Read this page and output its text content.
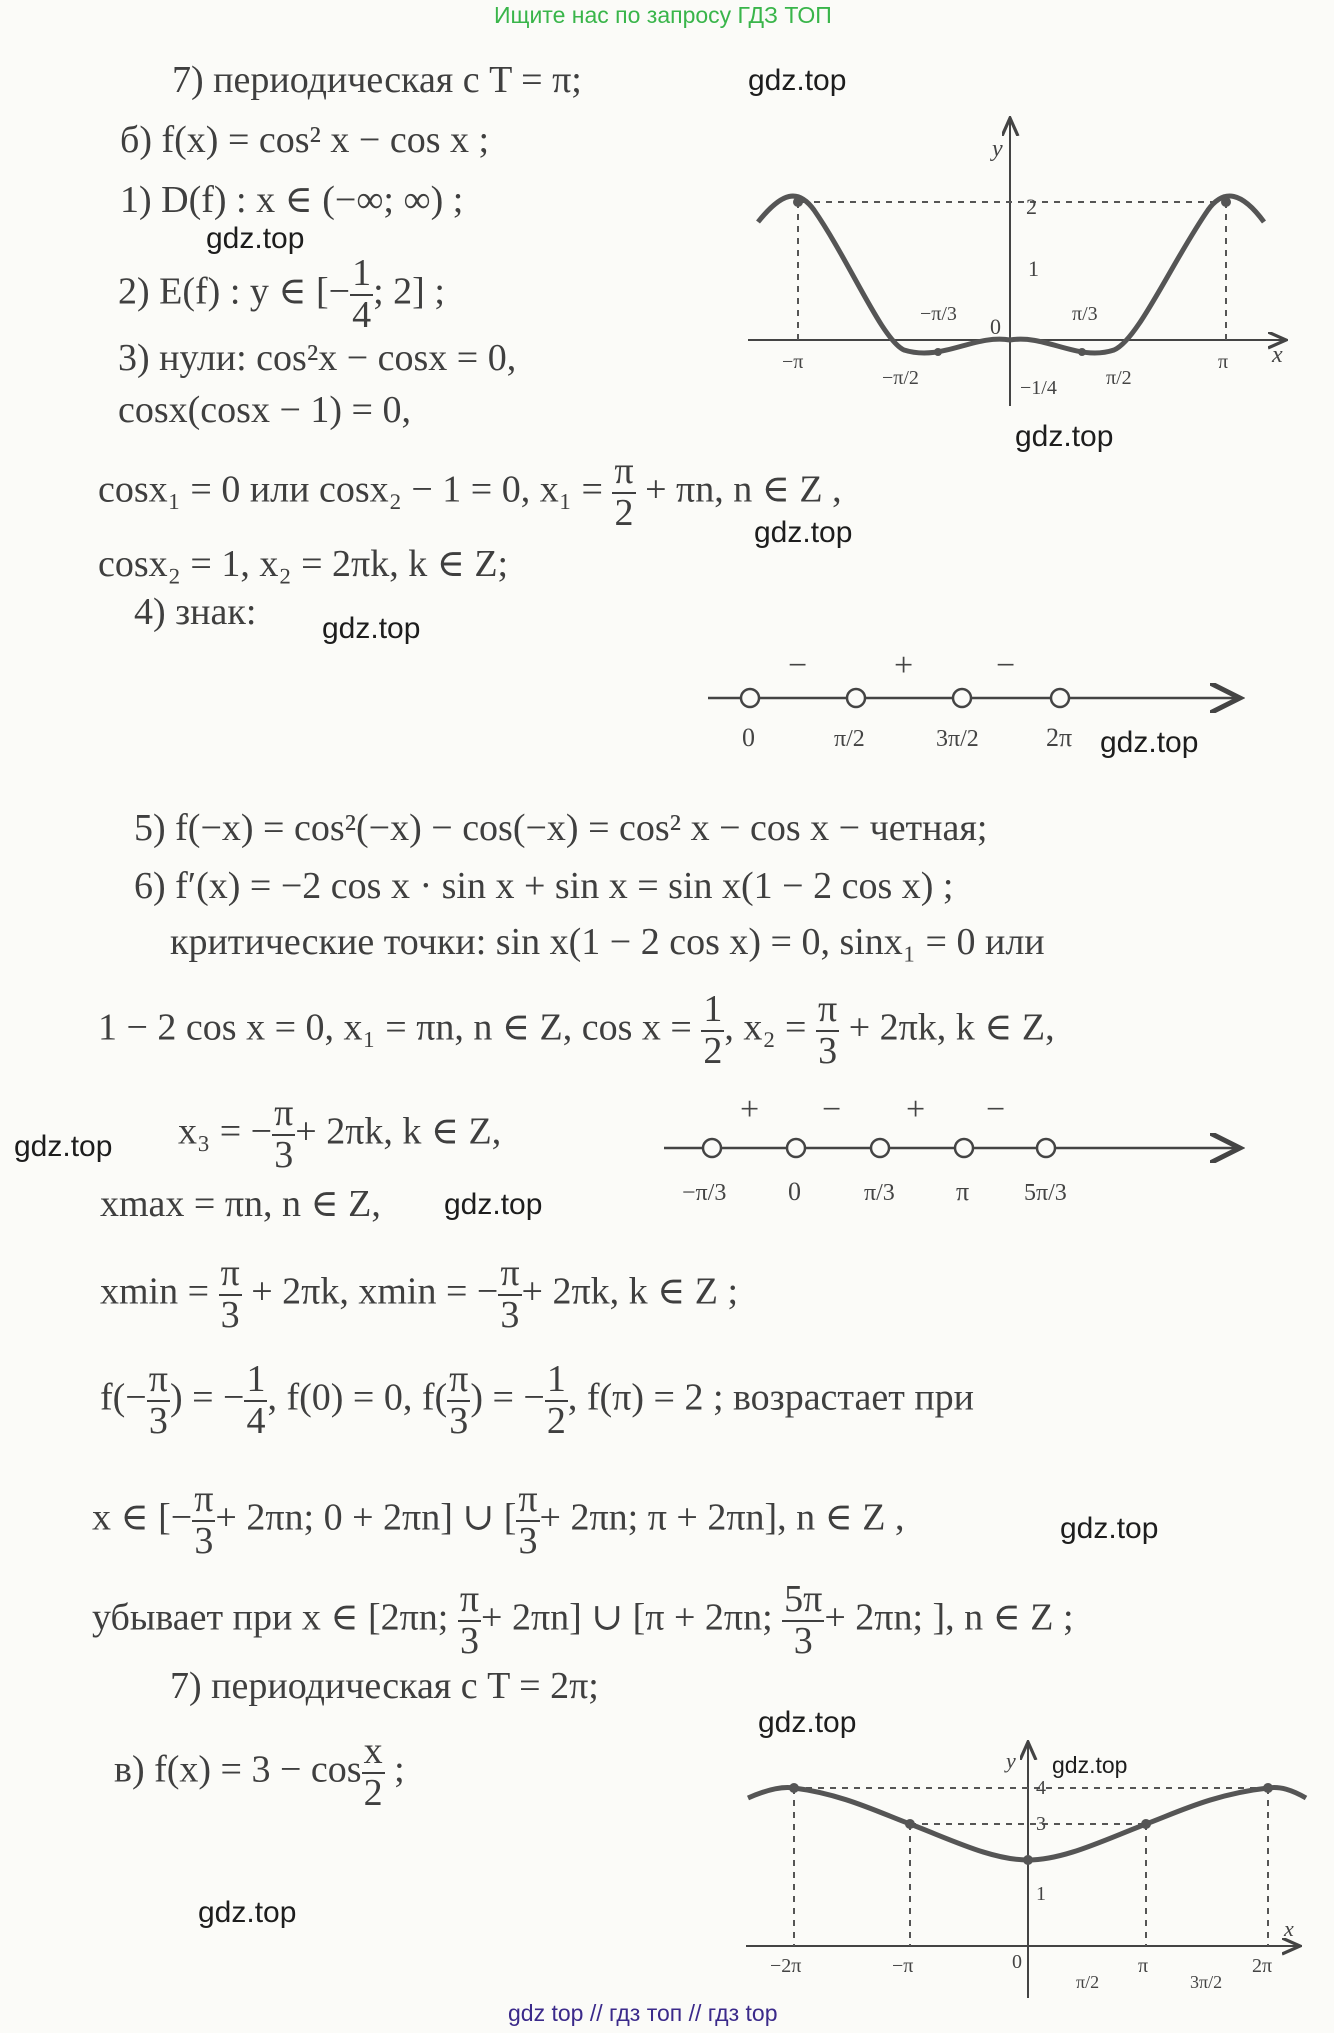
Ищите нас по запросу ГДЗ ТОП
gdz top // гдз топ // гдз top
gdz.top
gdz.top
gdz.top
gdz.top
gdz.top
gdz.top
gdz.top
gdz.top
gdz.top
gdz.top
gdz.top
gdz.top
7) периодическая с T = π;
б) f(x) = cos² x − cos x ;
1) D(f) : x ∈ (−∞; ∞) ;
2) E(f) : y ∈ [− $\frac{1}{4}$ ; 2] ;
3) нули: cos²x − cosx = 0,
cosx(cosx − 1) = 0,
cosx₁ = 0 или cosx₂ − 1 = 0, $x_1 = \frac{\pi}{2} + \pi n$, n ∈ Z ,
cosx₂ = 1, x₂ = 2πk, k ∈ Z;
4) знак:
5) f(−x) = cos²(−x) − cos(−x) = cos² x − cos x − четная;
6) f′(x) = −2 cos x · sin x + sin x = sin x(1 − 2 cos x) ;
критические точки: sin x(1 − 2 cos x) = 0, sinx₁ = 0 или
1 − 2 cos x = 0, x₁ = πn, n ∈ Z, $\cos x = \frac{1}{2}$ , $x_2 = \frac{\pi}{3} + 2\pi k$, k ∈ Z,
x₃ = − $\frac{\pi}{3} + 2\pi k$, k ∈ Z,
xmax = πn, n ∈ Z,
$xmin = \frac{\pi}{3} + 2\pi k$, xmin = − $\frac{\pi}{3} + 2\pi k$, k ∈ Z ;
$f(- \frac{\pi}{3}$ ) = − $\frac{1}{4}$ , f(0) = 0, $f( \frac{\pi}{3}$ ) = − $\frac{1}{2}$ , f(π) = 2 ; возрастает при
x ∈ [− $\frac{\pi}{3} + 2\pi n$; 0 + 2πn] ∪ [ $\frac{\pi}{3} + 2\pi n$; π + 2πn], n ∈ Z ,
убывает при x ∈ [2πn; $\frac{\pi}{3} + 2\pi n$] ∪ [π + 2πn; $\frac{5\pi}{3} + 2\pi n$; ], n ∈ Z ;
7) периодическая с T = 2π;
в) $f(x) = 3 - \cos \frac{x}{2}$ ;
y
x
2
1
0
−π
−π/2
−π/3
−1/4
π/3
π/2
π
−	+ −
0	π/2	3π/2	2π
+ − + −
−π/3 0	π/3 π 5π/3
y
x
4
3
1
−2π	−π	0
π/2
π
3π/2
2π
